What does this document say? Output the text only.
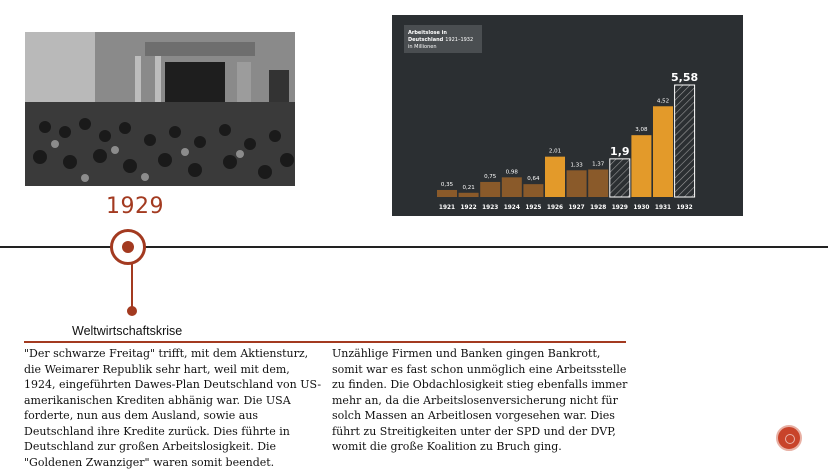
1929
Weltwirtschaftskrise
"Der schwarze Freitag" trifft, mit dem Aktiensturz, die Weimarer Republik sehr hart, weil mit dem, 1924, eingeführten Dawes-Plan Deutschland von US-amerikanischen Krediten abhänig war. Die USA forderte, nun aus dem Ausland, sowie aus Deutschland ihre Kredite zurück. Dies führte in Deutschland zur großen Arbeitslosigkeit. Die "Goldenen Zwanziger" waren somit beendet.
Unzählige Firmen und Banken gingen Bankrott, somit war es fast schon unmöglich eine Arbeitsstelle zu finden. Die Obdachlosigkeit stieg ebenfalls immer mehr an, da die Arbeitslosenversicherung nicht für solch Massen an Arbeitlosen vorgesehen war. Dies führt zu Streitigkeiten unter der SPD und der DVP, womit die große Koalition zu Bruch ging.
Arbeitslose in
Deutschland 1921–1932
in Millionen
0,35
1921
0,21
1922
0,75
1923
0,98
1924
0,64
1925
2,01
1926
1,33
1927
1,37
1928
1,9
1929
3,08
1930
4,52
1931
5,58
1932
